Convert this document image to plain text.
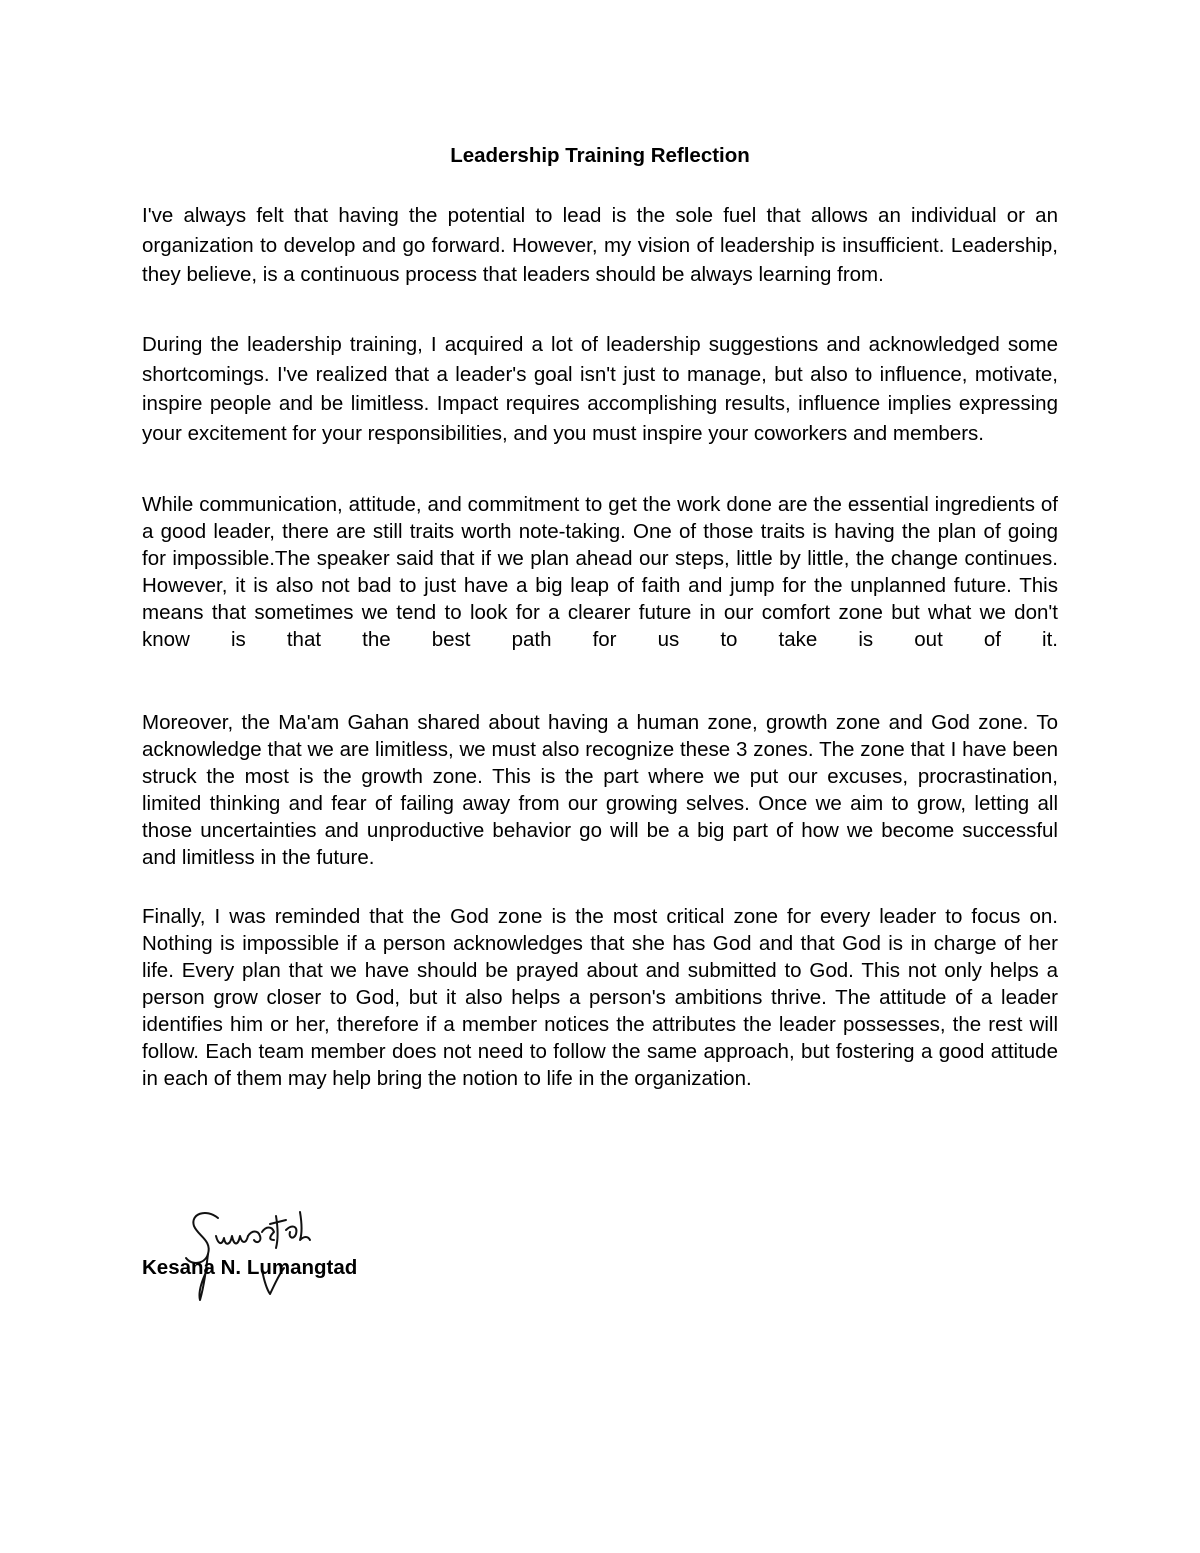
Leadership Training Reflection

I've always felt that having the potential to lead is the sole fuel that allows an individual or an organization to develop and go forward. However, my vision of leadership is insufficient. Leadership, they believe, is a continuous process that leaders should be always learning from.

During the leadership training, I acquired a lot of leadership suggestions and acknowledged some shortcomings. I've realized that a leader's goal isn't just to manage, but also to influence, motivate, inspire people and be limitless. Impact requires accomplishing results, influence implies expressing your excitement for your responsibilities, and you must inspire your coworkers and members.

While communication, attitude, and commitment to get the work done are the essential ingredients of a good leader, there are still traits worth note-taking. One of those traits is having the plan of going for impossible.The speaker said that if we plan ahead our steps, little by little, the change continues. However, it is also not bad to just have a big leap of faith and jump for the unplanned future. This means that sometimes we tend to look for a clearer future in our comfort zone but what we don't know is that the best path for us to take is out of it.

Moreover, the Ma'am Gahan shared about having a human zone, growth zone and God zone. To acknowledge that we are limitless, we must also recognize these 3 zones. The zone that I have been struck the most is the growth zone. This is the part where we put our excuses, procrastination, limited thinking and fear of failing away from our growing selves. Once we aim to grow, letting all those uncertainties and unproductive behavior go will be a big part of how we become successful and limitless in the future.

Finally, I was reminded that the God zone is the most critical zone for every leader to focus on. Nothing is impossible if a person acknowledges that she has God and that God is in charge of her life. Every plan that we have should be prayed about and submitted to God. This not only helps a person grow closer to God, but it also helps a person's ambitions thrive. The attitude of a leader identifies him or her, therefore if a member notices the attributes the leader possesses, the rest will follow. Each team member does not need to follow the same approach, but fostering a good attitude in each of them may help bring the notion to life in the organization.

Kesana N. Lumangtad
